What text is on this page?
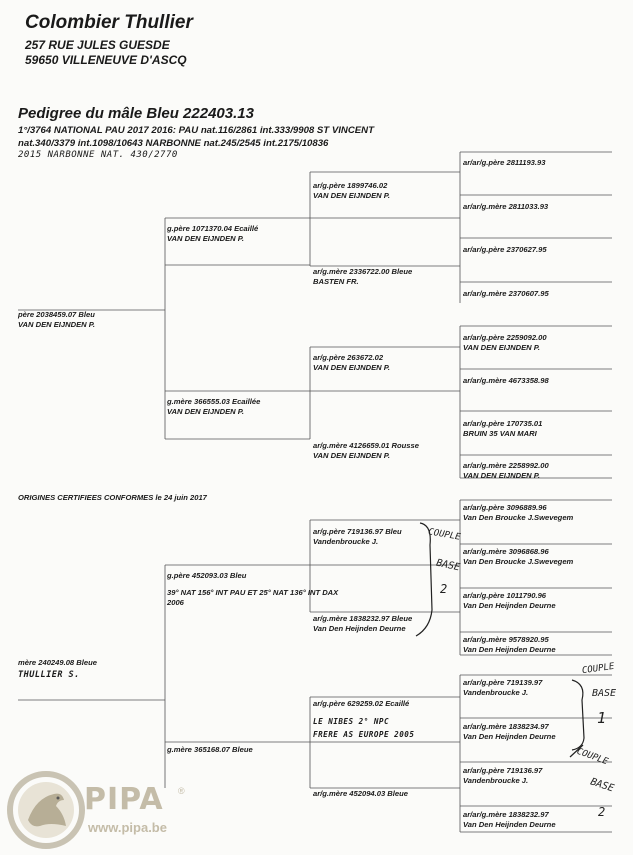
Colombier Thullier
257 RUE JULES GUESDE
59650 VILLENEUVE D'ASCQ
Pedigree du mâle Bleu 222403.13
1°/3764 NATIONAL PAU 2017 2016: PAU nat.116/2861 int.333/9908 ST VINCENT
nat.340/3379 int.1098/10643 NARBONNE nat.245/2545 int.2175/10836
2015 NARBONNE NAT. 430/2770
père 2038459.07 Bleu
VAN DEN EIJNDEN P.
g.père 1071370.04 Ecaillé
VAN DEN EIJNDEN P.
g.mère 366555.03 Ecaillée
VAN DEN EIJNDEN P.
ar/g.père 1899746.02
VAN DEN EIJNDEN P.
ar/g.mère 2336722.00 Bleue
BASTEN FR.
ar/g.père 263672.02
VAN DEN EIJNDEN P.
ar/g.mère 4126659.01 Rousse
VAN DEN EIJNDEN P.
ar/ar/g.père 2811193.93
ar/ar/g.mère 2811033.93
ar/ar/g.père 2370627.95
ar/ar/g.mère 2370607.95
ar/ar/g.père 2259092.00
VAN DEN EIJNDEN P.
ar/ar/g.mère 4673358.98
ar/ar/g.père 170735.01
BRUIN 35 VAN MARI
ar/ar/g.mère 2258992.00
VAN DEN EIJNDEN P.
ORIGINES CERTIFIEES CONFORMES le 24 juin 2017
mère 240249.08 Bleue
THULLIER S.
g.père 452093.03 Bleu
39° NAT 156° INT PAU ET 25° NAT 136° INT DAX
2006
g.mère 365168.07 Bleue
ar/g.père 719136.97 Bleu
Vandenbroucke J.
ar/g.mère 1838232.97 Bleue
Van Den Heijnden Deurne
ar/g.père 629259.02 Ecaillé
LE NIBES 2° NPC
FRERE AS EUROPE 2005
ar/g.mère 452094.03 Bleue
ar/ar/g.père 3096889.96
Van Den Broucke J.Swevegem
ar/ar/g.mère 3096868.96
Van Den Broucke J.Swevegem
ar/ar/g.père 1011790.96
Van Den Heijnden Deurne
ar/ar/g.mère 9578920.95
Van Den Heijnden Deurne
ar/ar/g.père 719139.97
Vandenbroucke J.
ar/ar/g.mère 1838234.97
Van Den Heijnden Deurne
ar/ar/g.père 719136.97
Vandenbroucke J.
ar/ar/g.mère 1838232.97
Van Den Heijnden Deurne
COUPLE
BASE
2
COUPLE
BASE
1
COUPLE
BASE
2
PIPA ®
www.pipa.be
